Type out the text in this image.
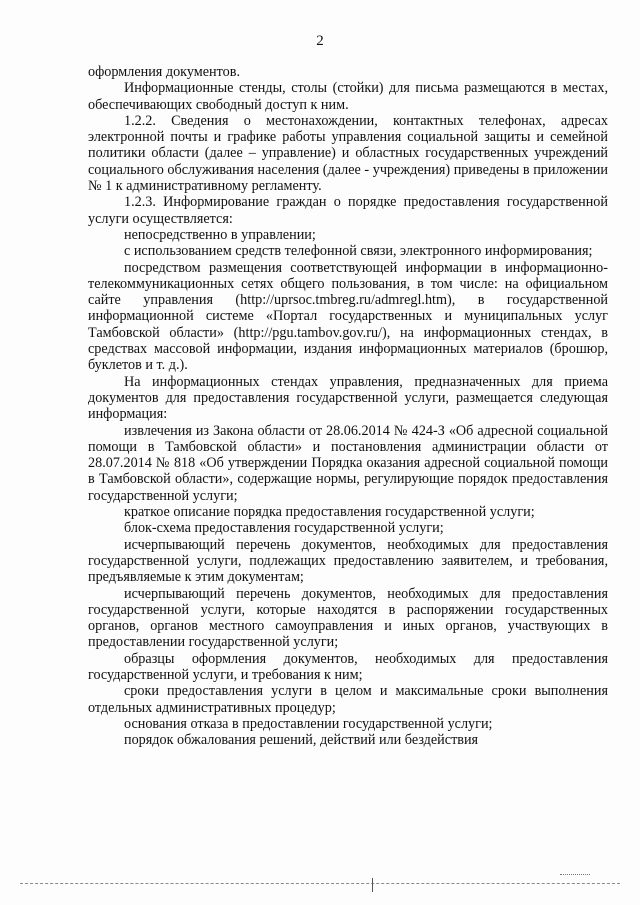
2

оформления документов.

Информационные стенды, столы (стойки) для письма размещаются в местах, обеспечивающих свободный доступ к ним.

1.2.2. Сведения о местонахождении, контактных телефонах, адресах электронной почты и графике работы управления социальной защиты и семейной политики области (далее – управление) и областных государственных учреждений социального обслуживания населения (далее - учреждения) приведены в приложении № 1 к административному регламенту.

1.2.3. Информирование граждан о порядке предоставления государственной услуги осуществляется:

непосредственно в управлении;

с использованием средств телефонной связи, электронного информирования;

посредством размещения соответствующей информации в информационно-телекоммуникационных сетях общего пользования, в том числе: на официальном сайте управления (http://uprsoc.tmbreg.ru/admregl.htm), в государственной информационной системе «Портал государственных и муниципальных услуг Тамбовской области» (http://pgu.tambov.gov.ru/), на информационных стендах, в средствах массовой информации, издания информационных материалов (брошюр, буклетов и т. д.).

На информационных стендах управления, предназначенных для приема документов для предоставления государственной услуги, размещается следующая информация:

извлечения из Закона области от 28.06.2014 № 424-З «Об адресной социальной помощи в Тамбовской области» и постановления администрации области от 28.07.2014 № 818 «Об утверждении Порядка оказания адресной социальной помощи в Тамбовской области», содержащие нормы, регулирующие порядок предоставления государственной услуги;

краткое описание порядка предоставления государственной услуги;

блок-схема предоставления государственной услуги;

исчерпывающий перечень документов, необходимых для предоставления государственной услуги, подлежащих предоставлению заявителем, и требования, предъявляемые к этим документам;

исчерпывающий перечень документов, необходимых для предоставления государственной услуги, которые находятся в распоряжении государственных органов, органов местного самоуправления и иных органов, участвующих в предоставлении государственной услуги;

образцы оформления документов, необходимых для предоставления государственной услуги, и требования к ним;

сроки предоставления услуги в целом и максимальные сроки выполнения отдельных административных процедур;

основания отказа в предоставлении государственной услуги;

порядок обжалования решений, действий или бездействия
